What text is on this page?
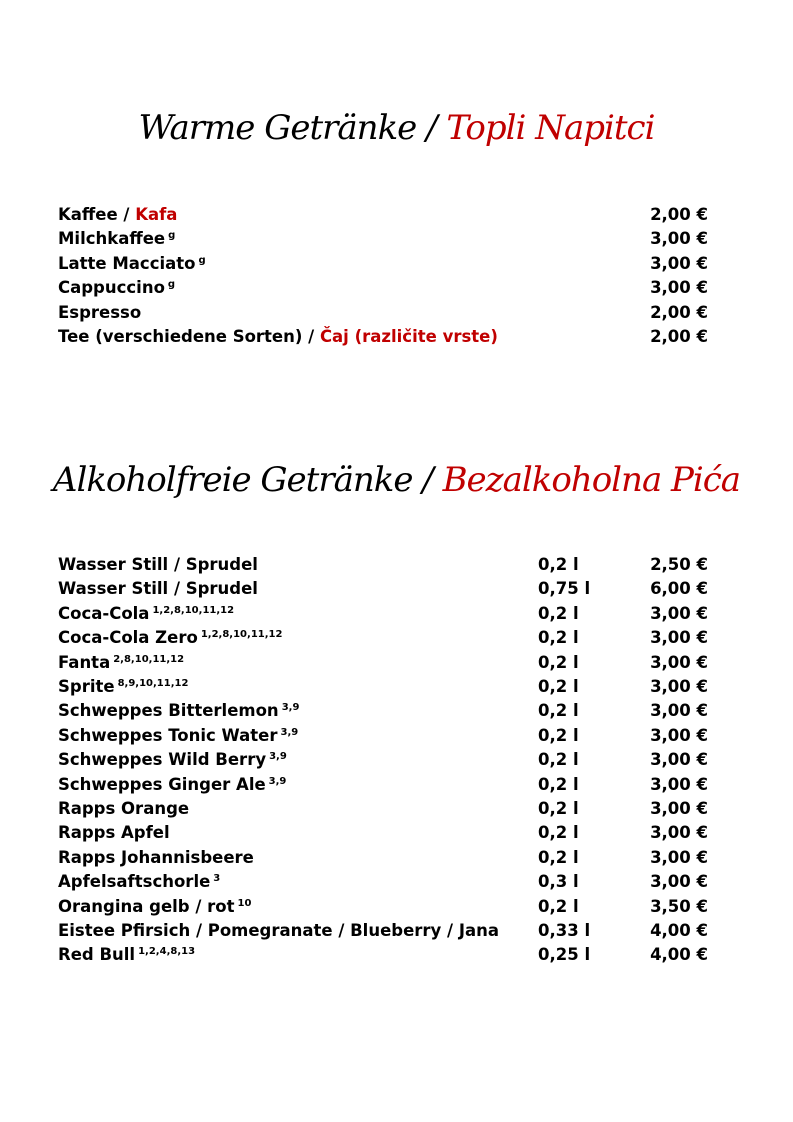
Warme Getränke / Topli Napitci
Kaffee / Kafa	2,00 €
Milchkaffee $^g$	3,00 €
Latte Macciato $^g$	3,00 €
Cappuccino $^g$	3,00 €
Espresso	2,00 €
Tee (verschiedene Sorten) / Čaj (različite vrste)	2,00 €
Alkoholfreie Getränke / Bezalkoholna Pića
Wasser Still / Sprudel	0,2 l	2,50 €
Wasser Still / Sprudel	0,75 l	6,00 €
Coca-Cola $^{1,2,8,10,11,12}$	0,2 l	3,00 €
Coca-Cola Zero $^{1,2,8,10,11,12}$	0,2 l	3,00 €
Fanta $^{2,8,10,11,12}$	0,2 l	3,00 €
Sprite $^{8,9,10,11,12}$	0,2 l	3,00 €
Schweppes Bitterlemon $^{3,9}$	0,2 l	3,00 €
Schweppes Tonic Water $^{3,9}$	0,2 l	3,00 €
Schweppes Wild Berry $^{3,9}$	0,2 l	3,00 €
Schweppes Ginger Ale $^{3,9}$	0,2 l	3,00 €
Rapps Orange	0,2 l	3,00 €
Rapps Apfel	0,2 l	3,00 €
Rapps Johannisbeere	0,2 l	3,00 €
Apfelsaftschorle $^3$	0,3 l	3,00 €
Orangina gelb / rot $^{10}$	0,2 l	3,50 €
Eistee Pfirsich / Pomegranate / Blueberry / Jana 0,33 l	4,00 €
Red Bull $^{1,2,4,8,13}$	0,25 l	4,00 €
